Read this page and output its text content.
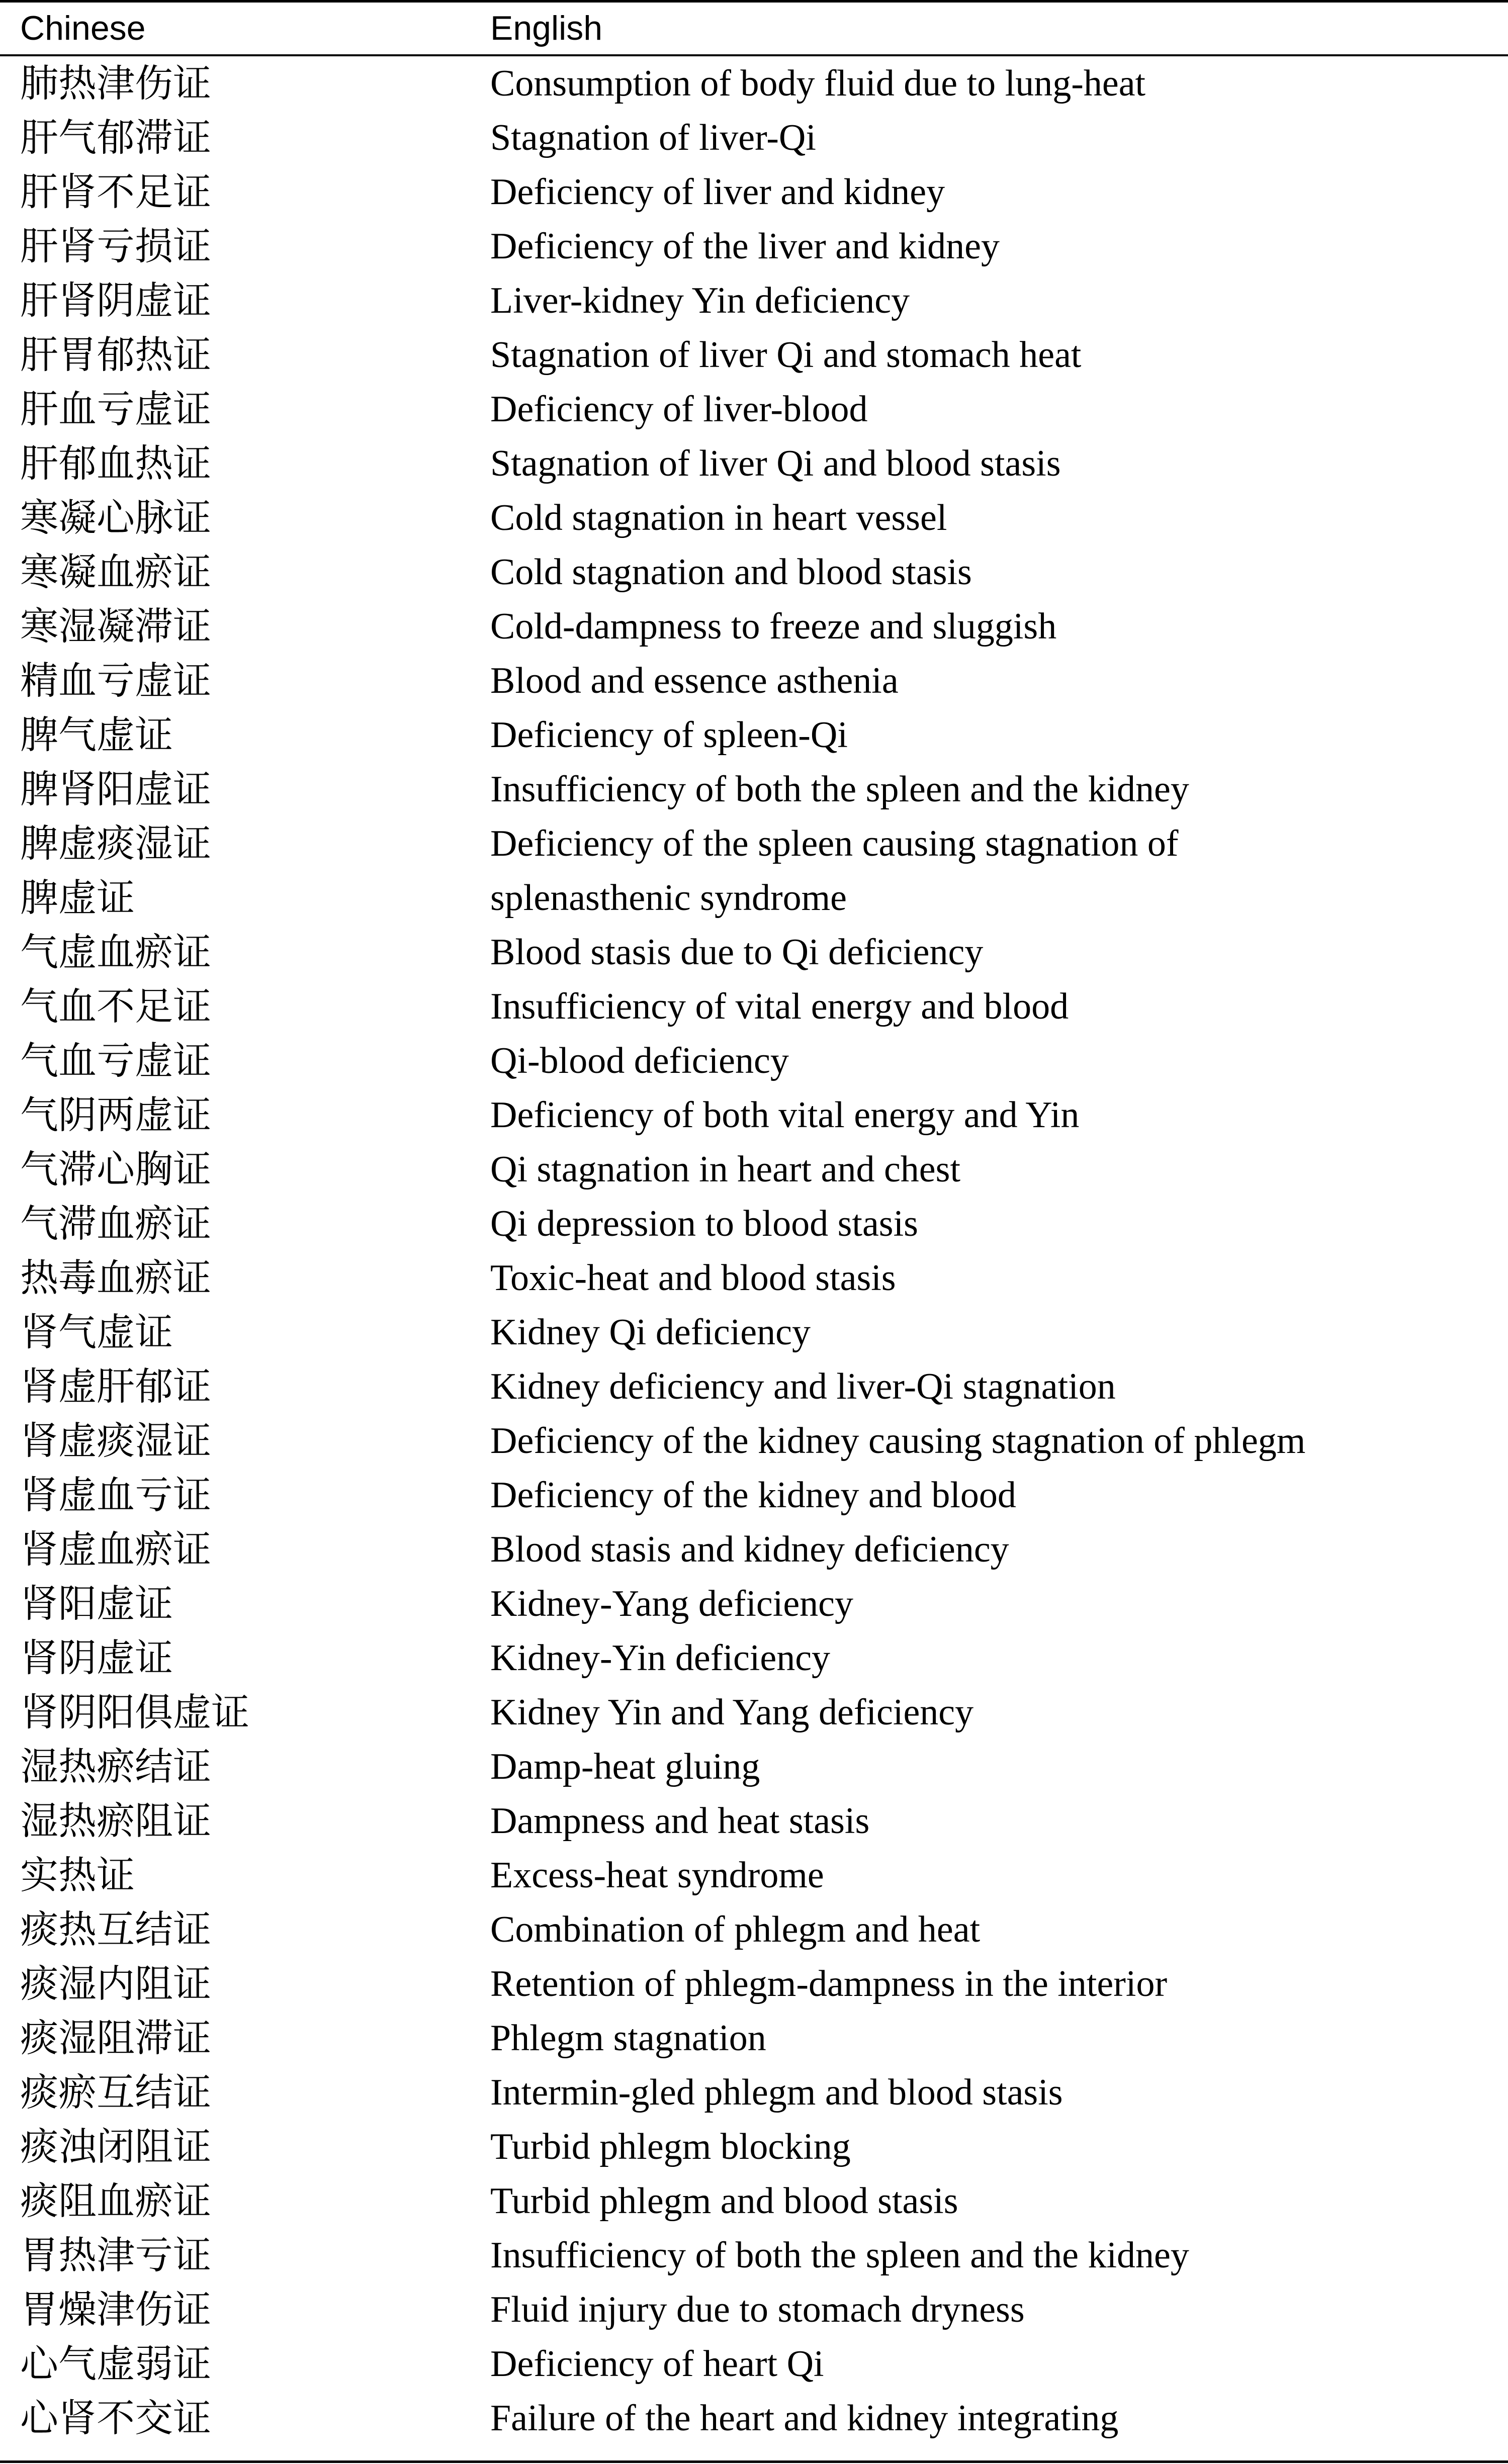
Chinese	English
肺热津伤证	Consumption of body fluid due to lung-heat
肝气郁滞证	Stagnation of liver-Qi
肝肾不足证	Deficiency of liver and kidney
肝肾亏损证	Deficiency of the liver and kidney
肝肾阴虚证	Liver-kidney Yin deficiency
肝胃郁热证	Stagnation of liver Qi and stomach heat
肝血亏虚证	Deficiency of liver-blood
肝郁血热证	Stagnation of liver Qi and blood stasis
寒凝心脉证	Cold stagnation in heart vessel
寒凝血瘀证	Cold stagnation and blood stasis
寒湿凝滞证	Cold-dampness to freeze and sluggish
精血亏虚证	Blood and essence asthenia
脾气虚证	Deficiency of spleen-Qi
脾肾阳虚证	Insufficiency of both the spleen and the kidney
脾虚痰湿证	Deficiency of the spleen causing stagnation of
脾虚证	splenasthenic syndrome
气虚血瘀证	Blood stasis due to Qi deficiency
气血不足证	Insufficiency of vital energy and blood
气血亏虚证	Qi-blood deficiency
气阴两虚证	Deficiency of both vital energy and Yin
气滞心胸证	Qi stagnation in heart and chest
气滞血瘀证	Qi depression to blood stasis
热毒血瘀证	Toxic-heat and blood stasis
肾气虚证	Kidney Qi deficiency
肾虚肝郁证	Kidney deficiency and liver-Qi stagnation
肾虚痰湿证	Deficiency of the kidney causing stagnation of phlegm
肾虚血亏证	Deficiency of the kidney and blood
肾虚血瘀证	Blood stasis and kidney deficiency
肾阳虚证	Kidney-Yang deficiency
肾阴虚证	Kidney-Yin deficiency
肾阴阳俱虚证	Kidney Yin and Yang deficiency
湿热瘀结证	Damp-heat gluing
湿热瘀阻证	Dampness and heat stasis
实热证	Excess-heat syndrome
痰热互结证	Combination of phlegm and heat
痰湿内阻证	Retention of phlegm-dampness in the interior
痰湿阻滞证	Phlegm stagnation
痰瘀互结证	Intermin-gled phlegm and blood stasis
痰浊闭阻证	Turbid phlegm blocking
痰阻血瘀证	Turbid phlegm and blood stasis
胃热津亏证	Insufficiency of both the spleen and the kidney
胃燥津伤证	Fluid injury due to stomach dryness
心气虚弱证	Deficiency of heart Qi
心肾不交证	Failure of the heart and kidney integrating
